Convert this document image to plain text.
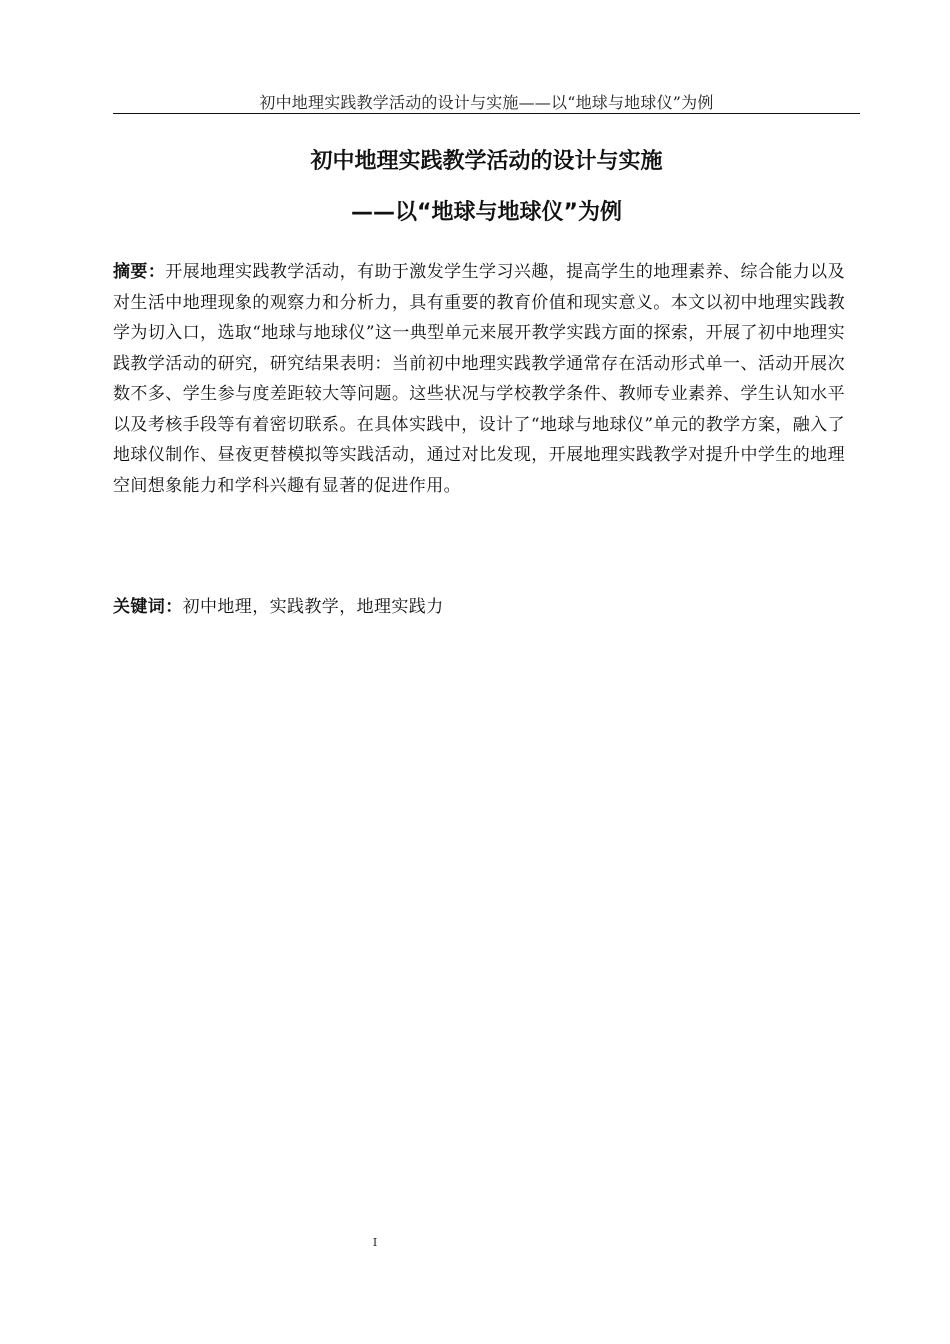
初中地理实践教学活动的设计与实施——以“地球与地球仪”为例
初中地理实践教学活动的设计与实施
——以“地球与地球仪”为例

摘要：开展地理实践教学活动，有助于激发学生学习兴趣，提高学生的地理素养、综合能力以及对生活中地理现象的观察力和分析力，具有重要的教育价值和现实意义。本文以初中地理实践教学为切入口，选取“地球与地球仪”这一典型单元来展开教学实践方面的探索，开展了初中地理实践教学活动的研究，研究结果表明：当前初中地理实践教学通常存在活动形式单一、活动开展次数不多、学生参与度差距较大等问题。这些状况与学校教学条件、教师专业素养、学生认知水平以及考核手段等有着密切联系。在具体实践中，设计了“地球与地球仪”单元的教学方案，融入了地球仪制作、昼夜更替模拟等实践活动，通过对比发现，开展地理实践教学对提升中学生的地理空间想象能力和学科兴趣有显著的促进作用。

关键词：初中地理，实践教学，地理实践力

I
